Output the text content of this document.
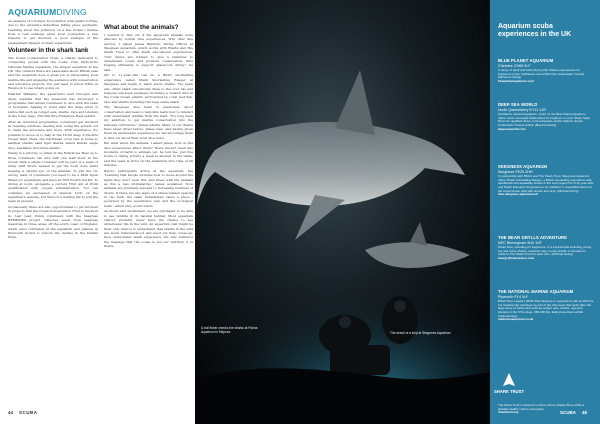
AQUARIUMDIVING

an example of a hotspot for pollution with plastic bottles, due to the extensive industries taking place upstream. Learning about the pollution, on a few inches / metres from a real example gives local youngsters a real impetus to get involved, a good example of the engagement mission of many aquariums.

Volunteer in the shark tank

The Ocean Conservation Trust, a charity dedicated to connecting people with the ocean, runs Plymouth's National Marine Aquarium, the largest aquarium in the UK. The curators there are passionate about British seas and the aquarium does a great job of showcasing local marine life and engaging the audience with conservation and education projects. You just need to follow NMA on Facebook to see what's going on.

Heather Williams, the aquarium's lead biologist and diver, explains that the aquarium has developed a programme that allows volunteers to dive with the team of biologists, helping to build after the large array of native fish such as conger eels, sharks, rays and lobsters in the 5-bay deep, 350,000-litre Eddystone Reef exhibit.

After an induction programme, volunteers get involved in cleaning windows, feeding fish, using the system out to clean the enclosure and more. With experience, it's possible to move on to help in the 18-bit deep, 2.5m-litre Ocean Tank. Here, the Caribbean coral reef is home to sandbar sharks, sand tiger sharks, lemon sharks, eagle rays, sawfishes and nurse sharks.

Safety is a priority, so while in the Eddystone Reef up to three volunteers can dive with one staff diver. In the Ocean Tank a single volunteer will be part of a team of many staff divers needed to get the work done while keeping a careful eye on the animals. To join the 10-strong team of volunteers you need to be a PADI Open Water (or equivalent) and have an NNI Fourth Aid Kit. To diving at work, alongside a current First Aid at Work qualification with oxygen administration. You can complete an expression of interest form on the aquarium's website, but there is a waiting list to join the team at present.

Occasionally there are also opportunities to get involved in projects that the Ocean Conservation Trust is involved in. Last year, diving volunteers with the Seagrass REMEDIES project collected seeds from seagrass meadows in three areas off the south coast of England, which were cultivated at the aquarium and planted in Plymouth Sound to restore the decline in the habitat there.

What about the animals?

I wanted to find out if the aquarium animals were affected by tourist dive experiences. Why offer this service, I asked James Baldwin, Diving Officer at Skegness Aquarium, which works with BIAZA and The Shark Trust to offer shark educational experiences. "Our divers are trained to give a reminder to underwater ocean and promote conservation, thus helping ultimately to support grassroots diving," he said.

Six to 11-year-olds can do a BSAC snorkelling experience called Shark Snorkelling Ranger at Skegness and begin to learn about sharks. The team also offers shark educational dives to the over-14s and bespoke sub-aqua packages including a wetsuit dive in the Coral Ocean exhibit, surrounded by coral reef fish, rays and sharks including the huge zebra shark.

The Skegness dive team is passionate about conservation and keen to help kids learn how to interact with underwater wildlife from the start. "It's long been my ambition to get marine conservation into the national curriculum," James admits. Many of our clients have never dived before, James says, and having given them an underwater experience we can encourage them to find out about their local dive clubs.

But what about the animals, I asked James, how do the dive experiences affect them? There haven't been any incidents of harm to animals yet, he told me. Just five hours of diving activity a week is allowed in the tanks, and the team is strict on the maximum dive time of 20 minutes.

Before participants arrive at the aquarium, the 'Learning that People includes how to move around the tanks they don't even fins, and kneel with the animals as this a less intimidating,' James explained. Now animals are gradually exposed to increasing numbers of divers. If there are any signs of a stress-related episode in the tank, the team immediately takes a place - governed by the aquarium's vets and the zoological team - which they would follow.

As divers and snorkellers, we are privileged to be able to see wildlife in its natural habitat. Most aquarium visitors probably never have the chance to see underwater life in the wild. An aquarium visit might be their only chance to understand that sharks in the wild are much misunderstood and need our help. Close-up, face, underwater shark experience can only reinforce the message that the ocean is not our territory, it is theirs.

44 SCUBA
A bull fisher checks the sharks at Palma Aquarium in Majorca	The wreck of a ship at Skegness Aquarium
Aquarium scuba experiences in the UK
BLUE PLANET AQUARIUM
Cheshire CH65 9LF
A range of adult and child Diving with Sharks experiences for beginners to the Caribbean reef exhibit (the Underwater Tunnel). (Minimum diving)
blueplanetaquarium.com
DEEP SEA WORLD
North Queensferry KY11 1JR
Scotland's national aquarium, voted 'to the Blue Planet Aquarium, offers' dozer and adult Shark Dives for beginner to Loch Shark Night Dives for qualified divers in its temperate and/or Atlantic Ocean Underwater Tunnel exhibit. (Beyond diving)
deepseaworld.com
SKEGNESS AQUARIUM
Skegness PE25 3HH
In partnership with BSAC and The Shark Trust, Skegness Aquarium offers 'Shark Snorkelling Ranger, a BSAC snorkelling experience with sandbanks and aquatable sharks in the Lost Lagoon for 6-11 year olds, and Shark Education Experiences for qualified or unqualified divers in the Coral Ocean tank with sharks and rays. (Minimal diving)
dive.skegness-aquarium.uk
THE BEAR GRYLLS ADVENTURE
NEC Birmingham B40 1NT
Shark Dive, including for beginners, in a tropical tank including young ray and nurse sharks, cownose rays, moray sharks. A donation is made to The Shark Trust for each dive. (Minimal diving)
beargryllsadventure.com
THE NATIONAL MARINE AQUARIUM
Plymouth PL4 0LF
BSAC Dive Leaders (PADI Dive Masters or equivalent) with an NNI the 1st medical can volunteer as part of the dive team that looks after the large array of native fish such as conger eels, sharks, rays and lobsters in the 5.5m-deep, 350,000 litre Eddystone Reef exhibit. (Volunteering)
national-aquarium.co.uk
SHARK TRUST
The Shark Trust's mission is a future where sharks thrive within a globally healthy marine ecosystem.
sharktrust.org	SCUBA 45
